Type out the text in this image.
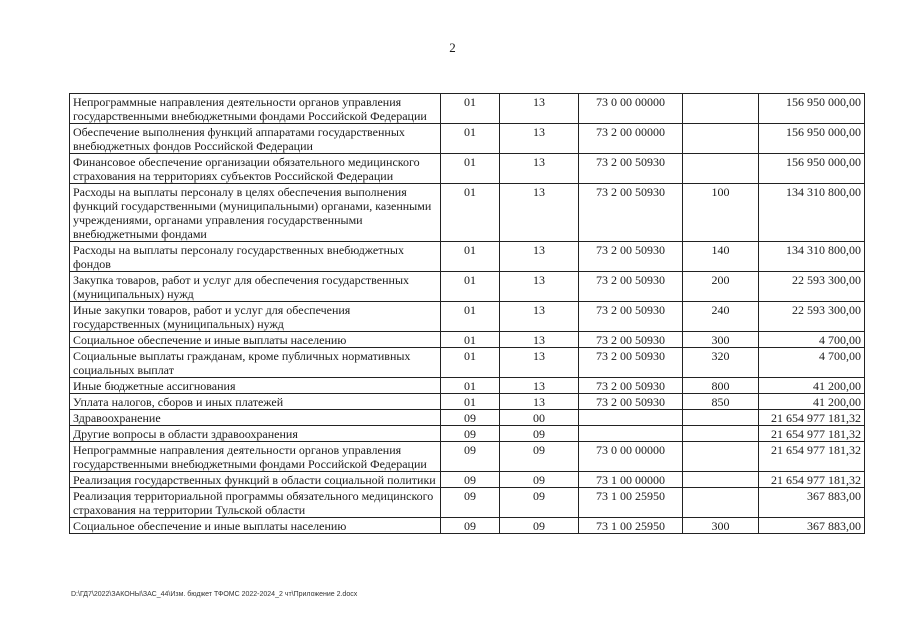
2
Непрограммные направления деятельности органов управления государственными внебюджетными фондами Российской Федерации	01	13	73 0 00 00000		156 950 000,00
Обеспечение выполнения функций аппаратами государственных внебюджетных фондов Российской Федерации	01	13	73 2 00 00000		156 950 000,00
Финансовое обеспечение организации обязательного медицинского страхования на территориях субъектов Российской Федерации	01	13	73 2 00 50930		156 950 000,00
Расходы на выплаты персоналу в целях обеспечения выполнения функций государственными (муниципальными) органами, казенными учреждениями, органами управления государственными внебюджетными фондами	01	13	73 2 00 50930	100	134 310 800,00
Расходы на выплаты персоналу государственных внебюджетных фондов	01	13	73 2 00 50930	140	134 310 800,00
Закупка товаров, работ и услуг для обеспечения государственных (муниципальных) нужд	01	13	73 2 00 50930	200	22 593 300,00
Иные закупки товаров, работ и услуг для обеспечения государственных (муниципальных) нужд	01	13	73 2 00 50930	240	22 593 300,00
Социальное обеспечение и иные выплаты населению	01	13	73 2 00 50930	300	4 700,00
Социальные выплаты гражданам, кроме публичных нормативных социальных выплат	01	13	73 2 00 50930	320	4 700,00
Иные бюджетные ассигнования	01	13	73 2 00 50930	800	41 200,00
Уплата налогов, сборов и иных платежей	01	13	73 2 00 50930	850	41 200,00
Здравоохранение	09	00			21 654 977 181,32
Другие вопросы в области здравоохранения	09	09			21 654 977 181,32
Непрограммные направления деятельности органов управления государственными внебюджетными фондами Российской Федерации	09	09	73 0 00 00000		21 654 977 181,32
Реализация государственных функций в области социальной политики	09	09	73 1 00 00000		21 654 977 181,32
Реализация территориальной программы обязательного медицинского страхования на территории Тульской области	09	09	73 1 00 25950		367 883,00
Социальное обеспечение и иные выплаты населению	09	09	73 1 00 25950	300	367 883,00
D:\ГД7\2022\ЗАКОНЫ\ЗАС_44\Изм. бюджет ТФОМС 2022-2024_2 чт\Приложение 2.docx
